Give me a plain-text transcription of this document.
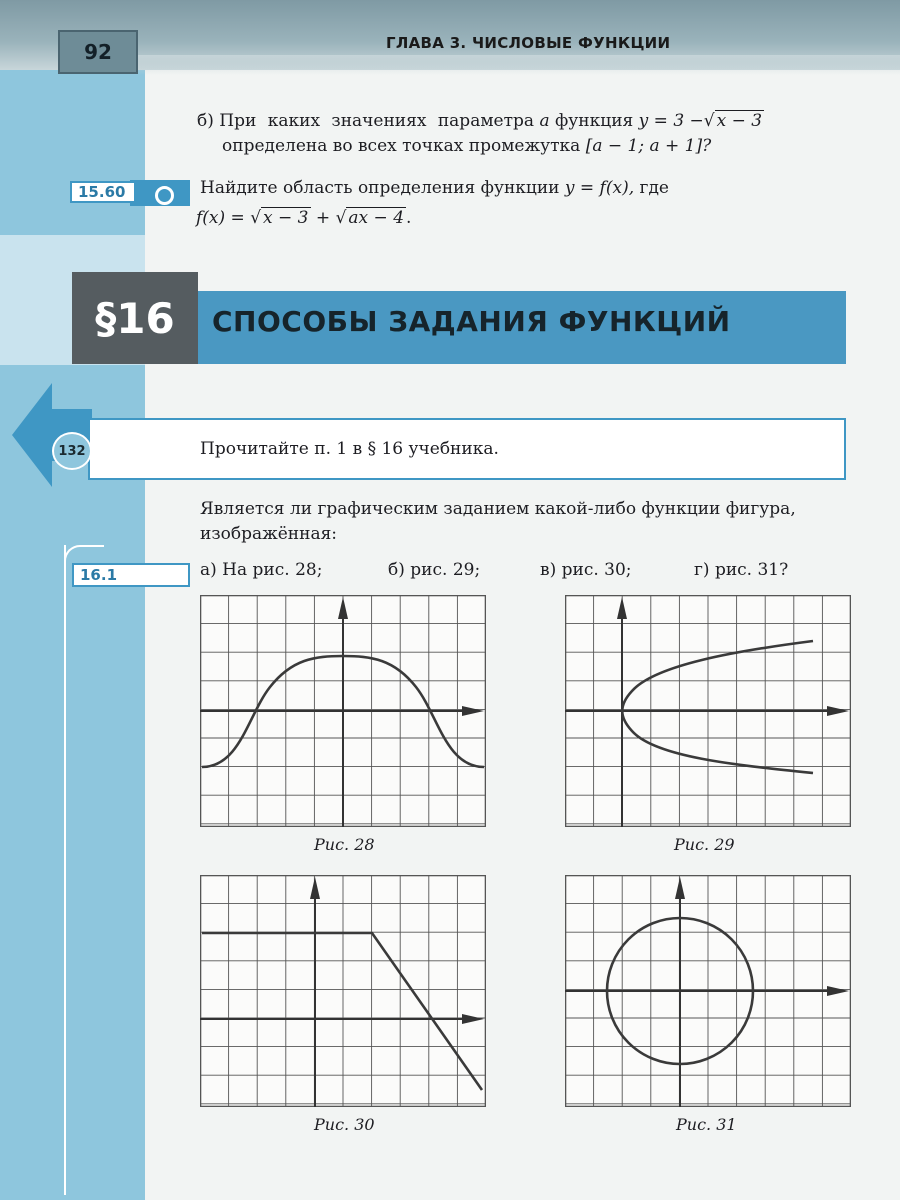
92	ГЛАВА 3. ЧИСЛОВЫЕ ФУНКЦИИ
б) При каких значениях параметра a функция y = 3 −√ x − 3
определена во всех точках промежутка [a − 1; a + 1]?
15.60	Найдите область определения функции y = f(x), где
f(x) = √ x − 3 + √ ax − 4 .
§16	СПОСОБЫ ЗАДАНИЯ ФУНКЦИЙ
132	Прочитайте п. 1 в § 16 учебника.
Является ли графическим заданием какой-либо функции фигура,
изображённая:
16.1	а) На рис. 28;	б) рис. 29;	в) рис. 30;	г) рис. 31?
Рис. 28	Рис. 29
Рис. 30	Рис. 31
